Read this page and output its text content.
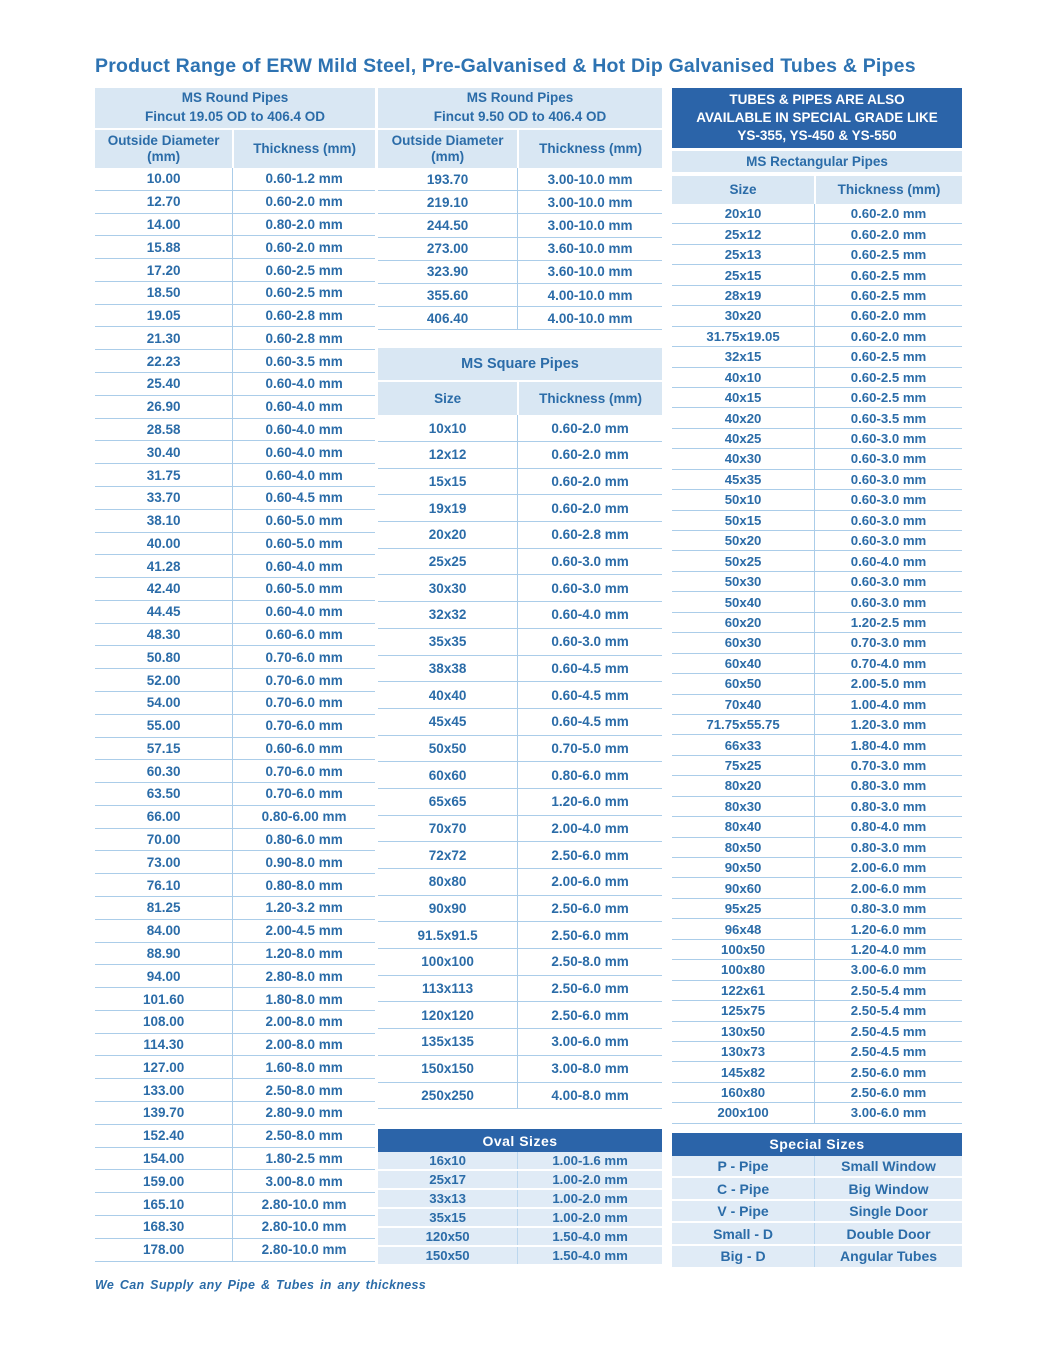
Product Range of ERW Mild Steel, Pre-Galvanised & Hot Dip Galvanised Tubes & Pipes
MS Round Pipes
Fincut 19.05 OD to 406.4 OD
Outside Diameter (mm)
Thickness (mm)
10.00	0.60-1.2 mm
12.70	0.60-2.0 mm
14.00	0.80-2.0 mm
15.88	0.60-2.0 mm
17.20	0.60-2.5 mm
18.50	0.60-2.5 mm
19.05	0.60-2.8 mm
21.30	0.60-2.8 mm
22.23	0.60-3.5 mm
25.40	0.60-4.0 mm
26.90	0.60-4.0 mm
28.58	0.60-4.0 mm
30.40	0.60-4.0 mm
31.75	0.60-4.0 mm
33.70	0.60-4.5 mm
38.10	0.60-5.0 mm
40.00	0.60-5.0 mm
41.28	0.60-4.0 mm
42.40	0.60-5.0 mm
44.45	0.60-4.0 mm
48.30	0.60-6.0 mm
50.80	0.70-6.0 mm
52.00	0.70-6.0 mm
54.00	0.70-6.0 mm
55.00	0.70-6.0 mm
57.15	0.60-6.0 mm
60.30	0.70-6.0 mm
63.50	0.70-6.0 mm
66.00	0.80-6.00 mm
70.00	0.80-6.0 mm
73.00	0.90-8.0 mm
76.10	0.80-8.0 mm
81.25	1.20-3.2 mm
84.00	2.00-4.5 mm
88.90	1.20-8.0 mm
94.00	2.80-8.0 mm
101.60	1.80-8.0 mm
108.00	2.00-8.0 mm
114.30	2.00-8.0 mm
127.00	1.60-8.0 mm
133.00	2.50-8.0 mm
139.70	2.80-9.0 mm
152.40	2.50-8.0 mm
154.00	1.80-2.5 mm
159.00	3.00-8.0 mm
165.10	2.80-10.0 mm
168.30	2.80-10.0 mm
178.00	2.80-10.0 mm
We Can Supply any Pipe & Tubes in any thickness
MS Round Pipes
Fincut 9.50 OD to 406.4 OD
Outside Diameter (mm)
Thickness (mm)
193.70	3.00-10.0 mm
219.10	3.00-10.0 mm
244.50	3.00-10.0 mm
273.00	3.60-10.0 mm
323.90	3.60-10.0 mm
355.60	4.00-10.0 mm
406.40	4.00-10.0 mm
MS Square Pipes
Size	Thickness (mm)
10x10	0.60-2.0 mm
12x12	0.60-2.0 mm
15x15	0.60-2.0 mm
19x19	0.60-2.0 mm
20x20	0.60-2.8 mm
25x25	0.60-3.0 mm
30x30	0.60-3.0 mm
32x32	0.60-4.0 mm
35x35	0.60-3.0 mm
38x38	0.60-4.5 mm
40x40	0.60-4.5 mm
45x45	0.60-4.5 mm
50x50	0.70-5.0 mm
60x60	0.80-6.0 mm
65x65	1.20-6.0 mm
70x70	2.00-4.0 mm
72x72	2.50-6.0 mm
80x80	2.00-6.0 mm
90x90	2.50-6.0 mm
91.5x91.5	2.50-6.0 mm
100x100	2.50-8.0 mm
113x113	2.50-6.0 mm
120x120	2.50-6.0 mm
135x135	3.00-6.0 mm
150x150	3.00-8.0 mm
250x250	4.00-8.0 mm
Oval Sizes
16x10	1.00-1.6 mm
25x17	1.00-2.0 mm
33x13	1.00-2.0 mm
35x15	1.00-2.0 mm
120x50	1.50-4.0 mm
150x50	1.50-4.0 mm
TUBES & PIPES ARE ALSO
AVAILABLE IN SPECIAL GRADE LIKE
YS-355, YS-450 & YS-550
MS Rectangular Pipes
Size	Thickness (mm)
20x10	0.60-2.0 mm
25x12	0.60-2.0 mm
25x13	0.60-2.5 mm
25x15	0.60-2.5 mm
28x19	0.60-2.5 mm
30x20	0.60-2.0 mm
31.75x19.05	0.60-2.0 mm
32x15	0.60-2.5 mm
40x10	0.60-2.5 mm
40x15	0.60-2.5 mm
40x20	0.60-3.5 mm
40x25	0.60-3.0 mm
40x30	0.60-3.0 mm
45x35	0.60-3.0 mm
50x10	0.60-3.0 mm
50x15	0.60-3.0 mm
50x20	0.60-3.0 mm
50x25	0.60-4.0 mm
50x30	0.60-3.0 mm
50x40	0.60-3.0 mm
60x20	1.20-2.5 mm
60x30	0.70-3.0 mm
60x40	0.70-4.0 mm
60x50	2.00-5.0 mm
70x40	1.00-4.0 mm
71.75x55.75	1.20-3.0 mm
66x33	1.80-4.0 mm
75x25	0.70-3.0 mm
80x20	0.80-3.0 mm
80x30	0.80-3.0 mm
80x40	0.80-4.0 mm
80x50	0.80-3.0 mm
90x50	2.00-6.0 mm
90x60	2.00-6.0 mm
95x25	0.80-3.0 mm
96x48	1.20-6.0 mm
100x50	1.20-4.0 mm
100x80	3.00-6.0 mm
122x61	2.50-5.4 mm
125x75	2.50-5.4 mm
130x50	2.50-4.5 mm
130x73	2.50-4.5 mm
145x82	2.50-6.0 mm
160x80	2.50-6.0 mm
200x100	3.00-6.0 mm
Special Sizes
P - Pipe	Small Window
C - Pipe	Big Window
V - Pipe	Single Door
Small - D	Double Door
Big - D	Angular Tubes
